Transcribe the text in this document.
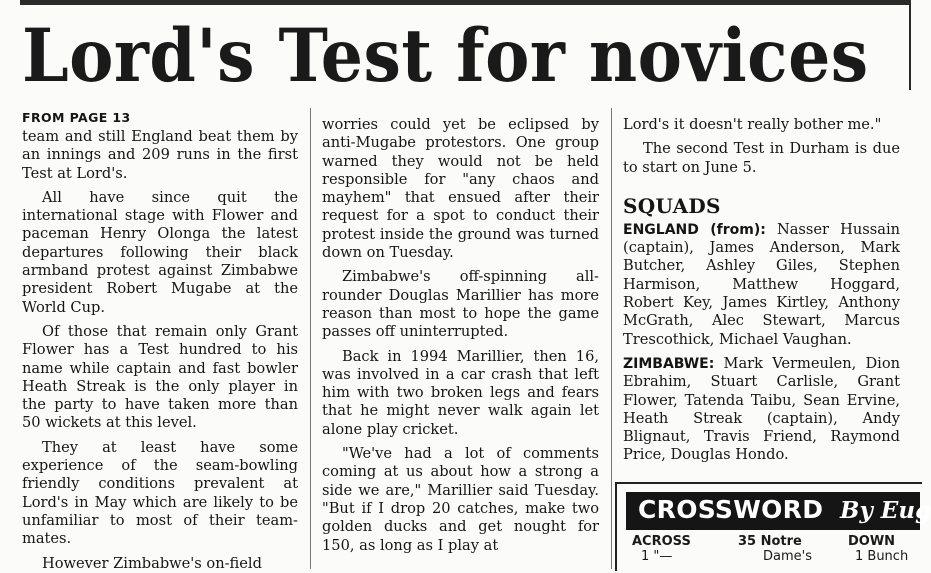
Lord's Test for novices
FROM PAGE 13

team and still England beat them by an innings and 209 runs in the first Test at Lord's.

All have since quit the international stage with Flower and paceman Henry Olonga the latest departures following their black armband protest against Zimbabwe president Robert Mugabe at the World Cup.

Of those that remain only Grant Flower has a Test hundred to his name while captain and fast bowler Heath Streak is the only player in the party to have taken more than 50 wickets at this level.

They at least have some experience of the seam-bowling friendly conditions prevalent at Lord's in May which are likely to be unfamiliar to most of their team-mates.

However Zimbabwe's on-field

worries could yet be eclipsed by anti-Mugabe protestors. One group warned they would not be held responsible for "any chaos and mayhem" that ensued after their request for a spot to conduct their protest inside the ground was turned down on Tuesday.

Zimbabwe's off-spinning all-rounder Douglas Marillier has more reason than most to hope the game passes off uninterrupted.

Back in 1994 Marillier, then 16, was involved in a car crash that left him with two broken legs and fears that he might never walk again let alone play cricket.

"We've had a lot of comments coming at us about how a strong a side we are," Marillier said Tuesday. "But if I drop 20 catches, make two golden ducks and get nought for 150, as long as I play at

Lord's it doesn't really bother me."

The second Test in Durham is due to start on June 5.

SQUADS

ENGLAND (from): Nasser Hussain (captain), James Anderson, Mark Butcher, Ashley Giles, Stephen Harmison, Matthew Hoggard, Robert Key, James Kirtley, Anthony McGrath, Alec Stewart, Marcus Trescothick, Michael Vaughan.

ZIMBABWE: Mark Vermeulen, Dion Ebrahim, Stuart Carlisle, Grant Flower, Tatenda Taibu, Sean Ervine, Heath Streak (captain), Andy Blignaut, Travis Friend, Raymond Price, Douglas Hondo.

CROSSWORD By Eug
ACROSS
1 "—
35 Notre
Dame's
DOWN
1 Bunch
